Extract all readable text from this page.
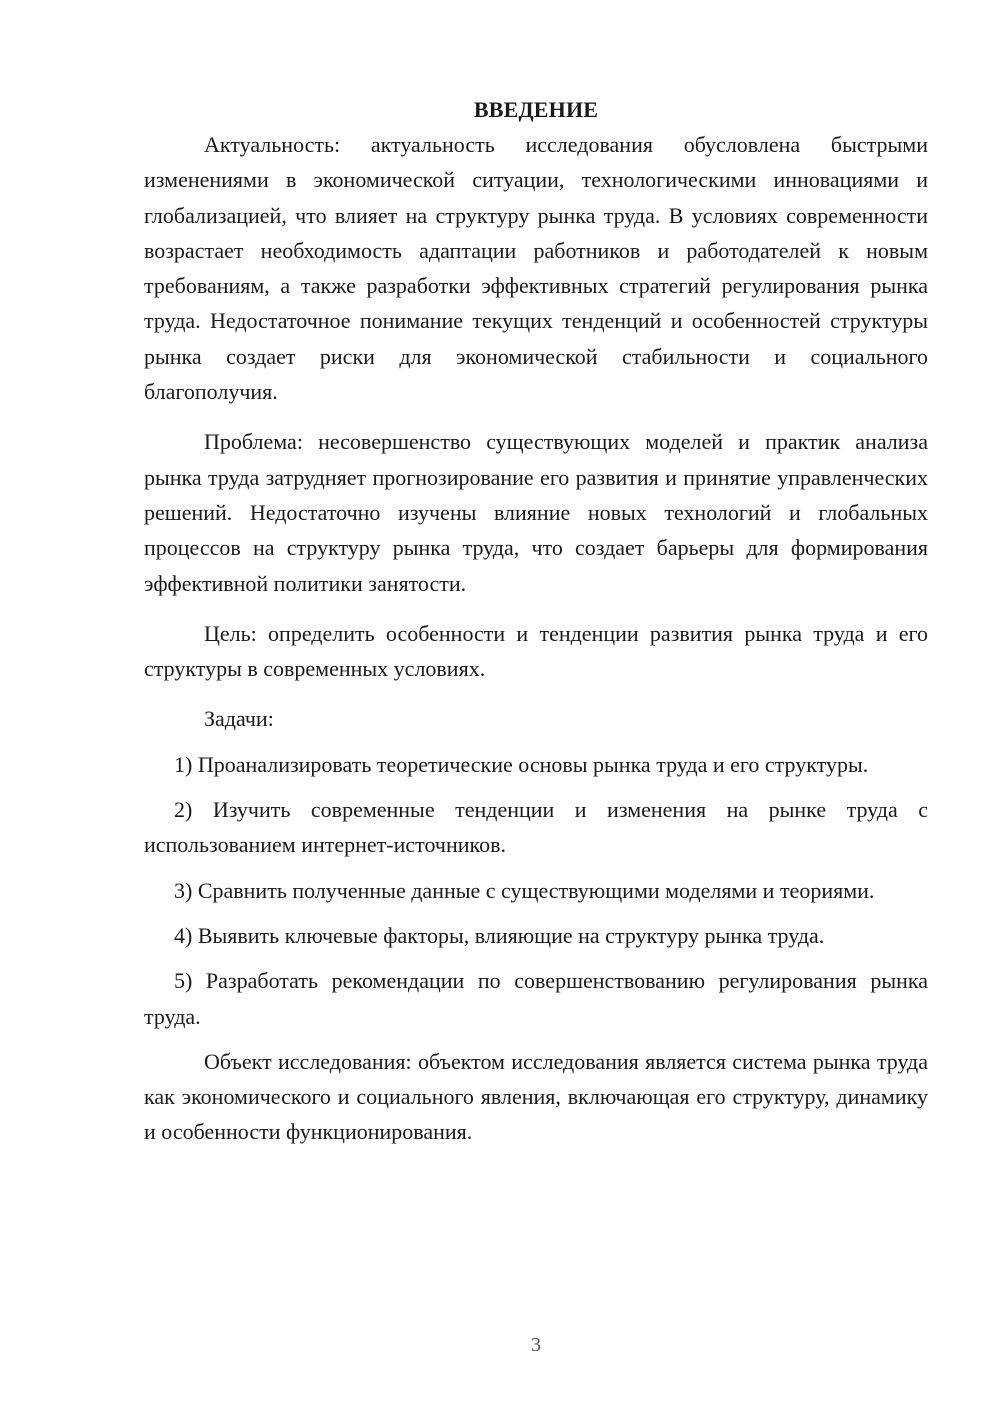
ВВЕДЕНИЕ

Актуальность: актуальность исследования обусловлена быстрыми изменениями в экономической ситуации, технологическими инновациями и глобализацией, что влияет на структуру рынка труда. В условиях современности возрастает необходимость адаптации работников и работодателей к новым требованиям, а также разработки эффективных стратегий регулирования рынка труда. Недостаточное понимание текущих тенденций и особенностей структуры рынка создает риски для экономической стабильности и социального благополучия.

Проблема: несовершенство существующих моделей и практик анализа рынка труда затрудняет прогнозирование его развития и принятие управленческих решений. Недостаточно изучены влияние новых технологий и глобальных процессов на структуру рынка труда, что создает барьеры для формирования эффективной политики занятости.

Цель: определить особенности и тенденции развития рынка труда и его структуры в современных условиях.

Задачи:

1) Проанализировать теоретические основы рынка труда и его структуры.

2) Изучить современные тенденции и изменения на рынке труда с использованием интернет-источников.

3) Сравнить полученные данные с существующими моделями и теориями.

4) Выявить ключевые факторы, влияющие на структуру рынка труда.

5) Разработать рекомендации по совершенствованию регулирования рынка труда.

Объект исследования: объектом исследования является система рынка труда как экономического и социального явления, включающая его структуру, динамику и особенности функционирования.

3
